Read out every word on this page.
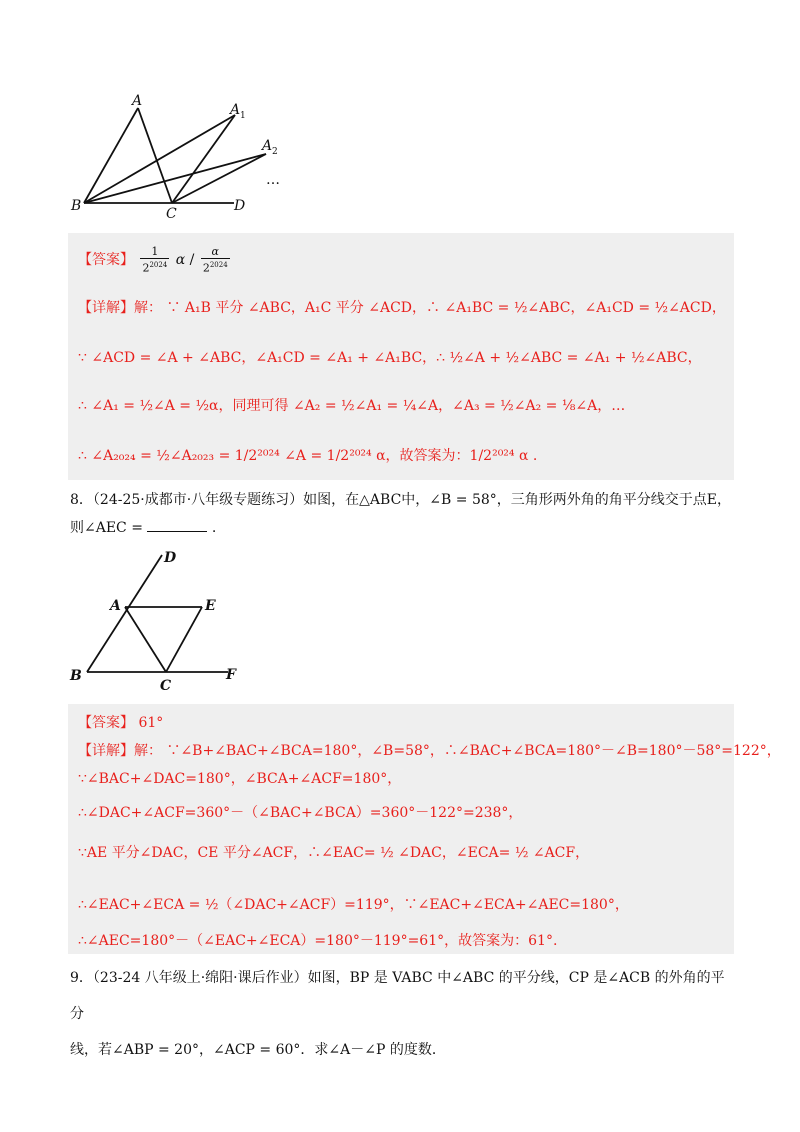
A
A 1
A 2
B	C	D
…
【答案】 $\frac{1}{2^{2024}}$ α / $\frac{\alpha}{2^{2024}}$
【详解】解： ∵ A₁B 平分 ∠ABC，A₁C 平分 ∠ACD，∴ ∠A₁BC = ½∠ABC，∠A₁CD = ½∠ACD，
∵ ∠ACD = ∠A + ∠ABC，∠A₁CD = ∠A₁ + ∠A₁BC，∴ ½∠A + ½∠ABC = ∠A₁ + ½∠ABC，
∴ ∠A₁ = ½∠A = ½α，同理可得 ∠A₂ = ½∠A₁ = ¼∠A，∠A₃ = ½∠A₂ = ⅛∠A，…
∴ ∠A₂₀₂₄ = ½∠A₂₀₂₃ = 1/2²⁰²⁴ ∠A = 1/2²⁰²⁴ α，故答案为：1/2²⁰²⁴ α .
8．（24-25·成都市·八年级专题练习）如图，在△ABC中，∠B = 58°，三角形两外角的角平分线交于点E，
则∠AEC =	.
D
A	E
B
C
F
【答案】 61°
【详解】解： ∵∠B+∠BAC+∠BCA=180°，∠B=58°，∴∠BAC+∠BCA=180°－∠B=180°－58°=122°，
∵∠BAC+∠DAC=180°，∠BCA+∠ACF=180°，
∴∠DAC+∠ACF=360°－（∠BAC+∠BCA）=360°－122°=238°，
∵AE 平分∠DAC，CE 平分∠ACF，∴∠EAC= ½ ∠DAC，∠ECA= ½ ∠ACF，
∴∠EAC+∠ECA = ½（∠DAC+∠ACF）=119°，∵∠EAC+∠ECA+∠AEC=180°，
∴∠AEC=180°－（∠EAC+∠ECA）=180°－119°=61°，故答案为：61°.
9．（23-24 八年级上·绵阳·课后作业）如图，BP 是 VABC 中∠ABC 的平分线，CP 是∠ACB 的外角的平分
线，若∠ABP = 20°，∠ACP = 60°．求∠A－∠P 的度数．
